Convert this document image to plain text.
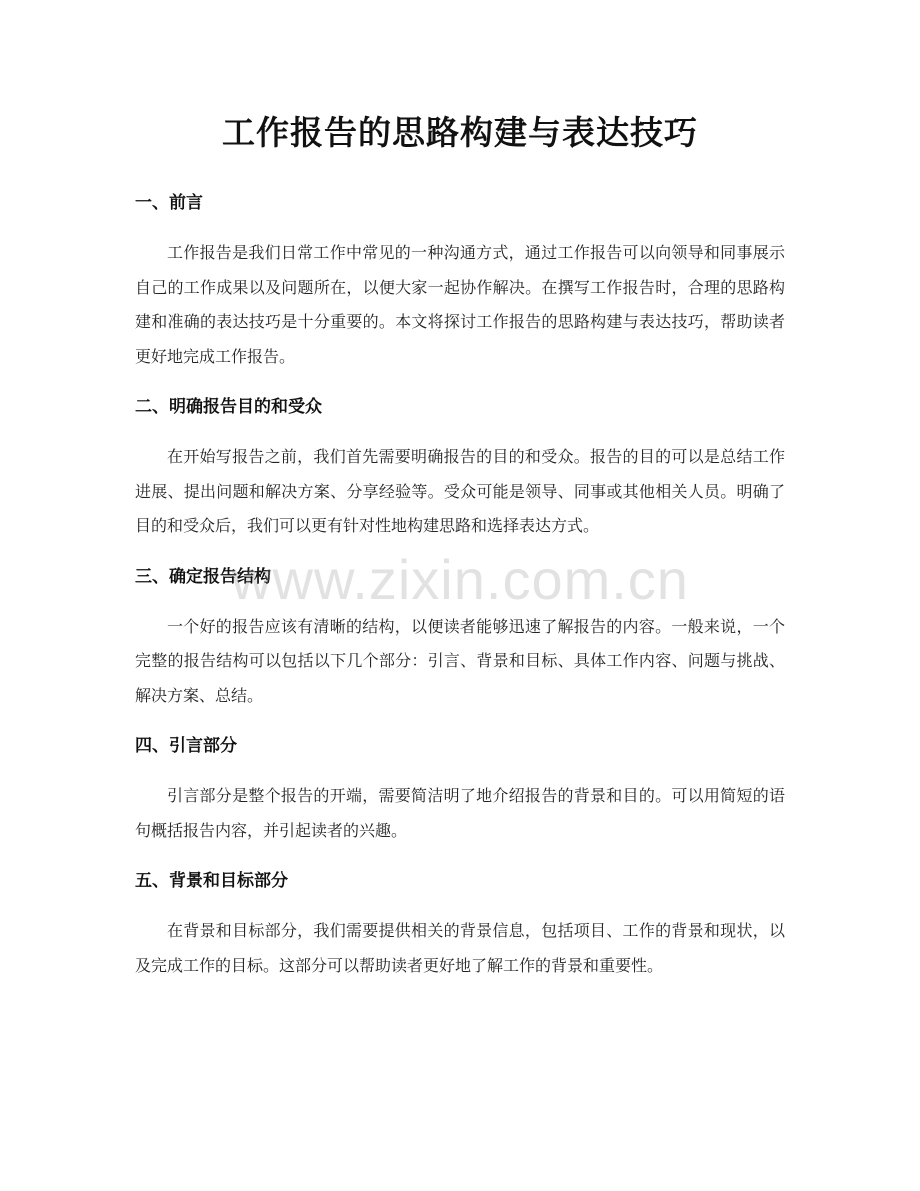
工作报告的思路构建与表达技巧
一、前言

工作报告是我们日常工作中常见的一种沟通方式，通过工作报告可以向领导和同事展示自己的工作成果以及问题所在，以便大家一起协作解决。在撰写工作报告时，合理的思路构建和准确的表达技巧是十分重要的。本文将探讨工作报告的思路构建与表达技巧，帮助读者更好地完成工作报告。

二、明确报告目的和受众

在开始写报告之前，我们首先需要明确报告的目的和受众。报告的目的可以是总结工作进展、提出问题和解决方案、分享经验等。受众可能是领导、同事或其他相关人员。明确了目的和受众后，我们可以更有针对性地构建思路和选择表达方式。

三、确定报告结构

一个好的报告应该有清晰的结构，以便读者能够迅速了解报告的内容。一般来说，一个完整的报告结构可以包括以下几个部分：引言、背景和目标、具体工作内容、问题与挑战、解决方案、总结。

四、引言部分

引言部分是整个报告的开端，需要简洁明了地介绍报告的背景和目的。可以用简短的语句概括报告内容，并引起读者的兴趣。

五、背景和目标部分

在背景和目标部分，我们需要提供相关的背景信息，包括项目、工作的背景和现状，以及完成工作的目标。这部分可以帮助读者更好地了解工作的背景和重要性。

www.zixin.com.cn
